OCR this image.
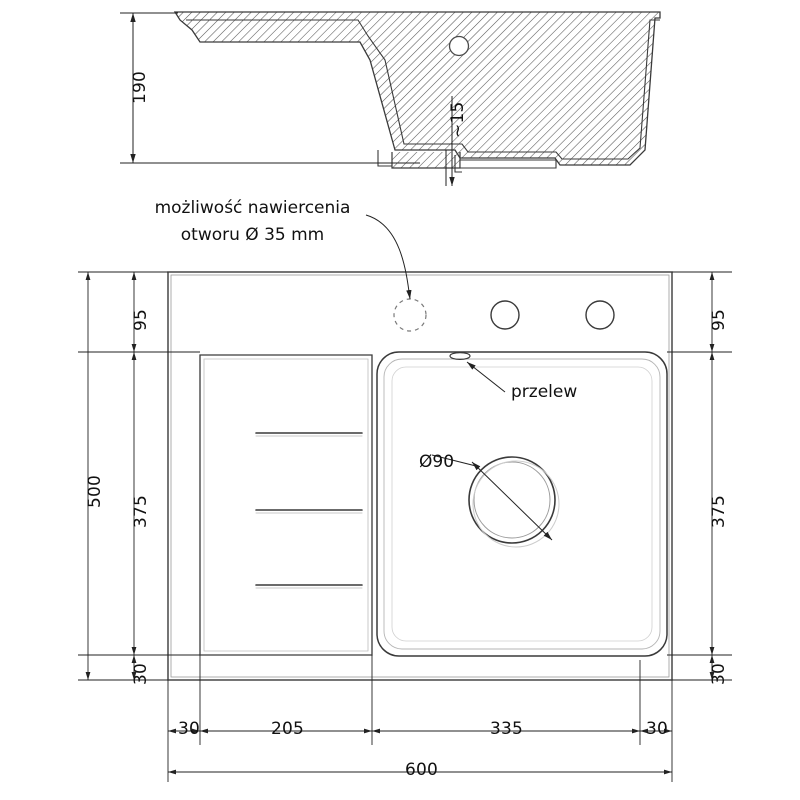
190
~15
możliwość nawiercenia
otworu Ø 35 mm
przelew
Ø90
500
95
375
30
95
375
30
30	205	335	30
600
